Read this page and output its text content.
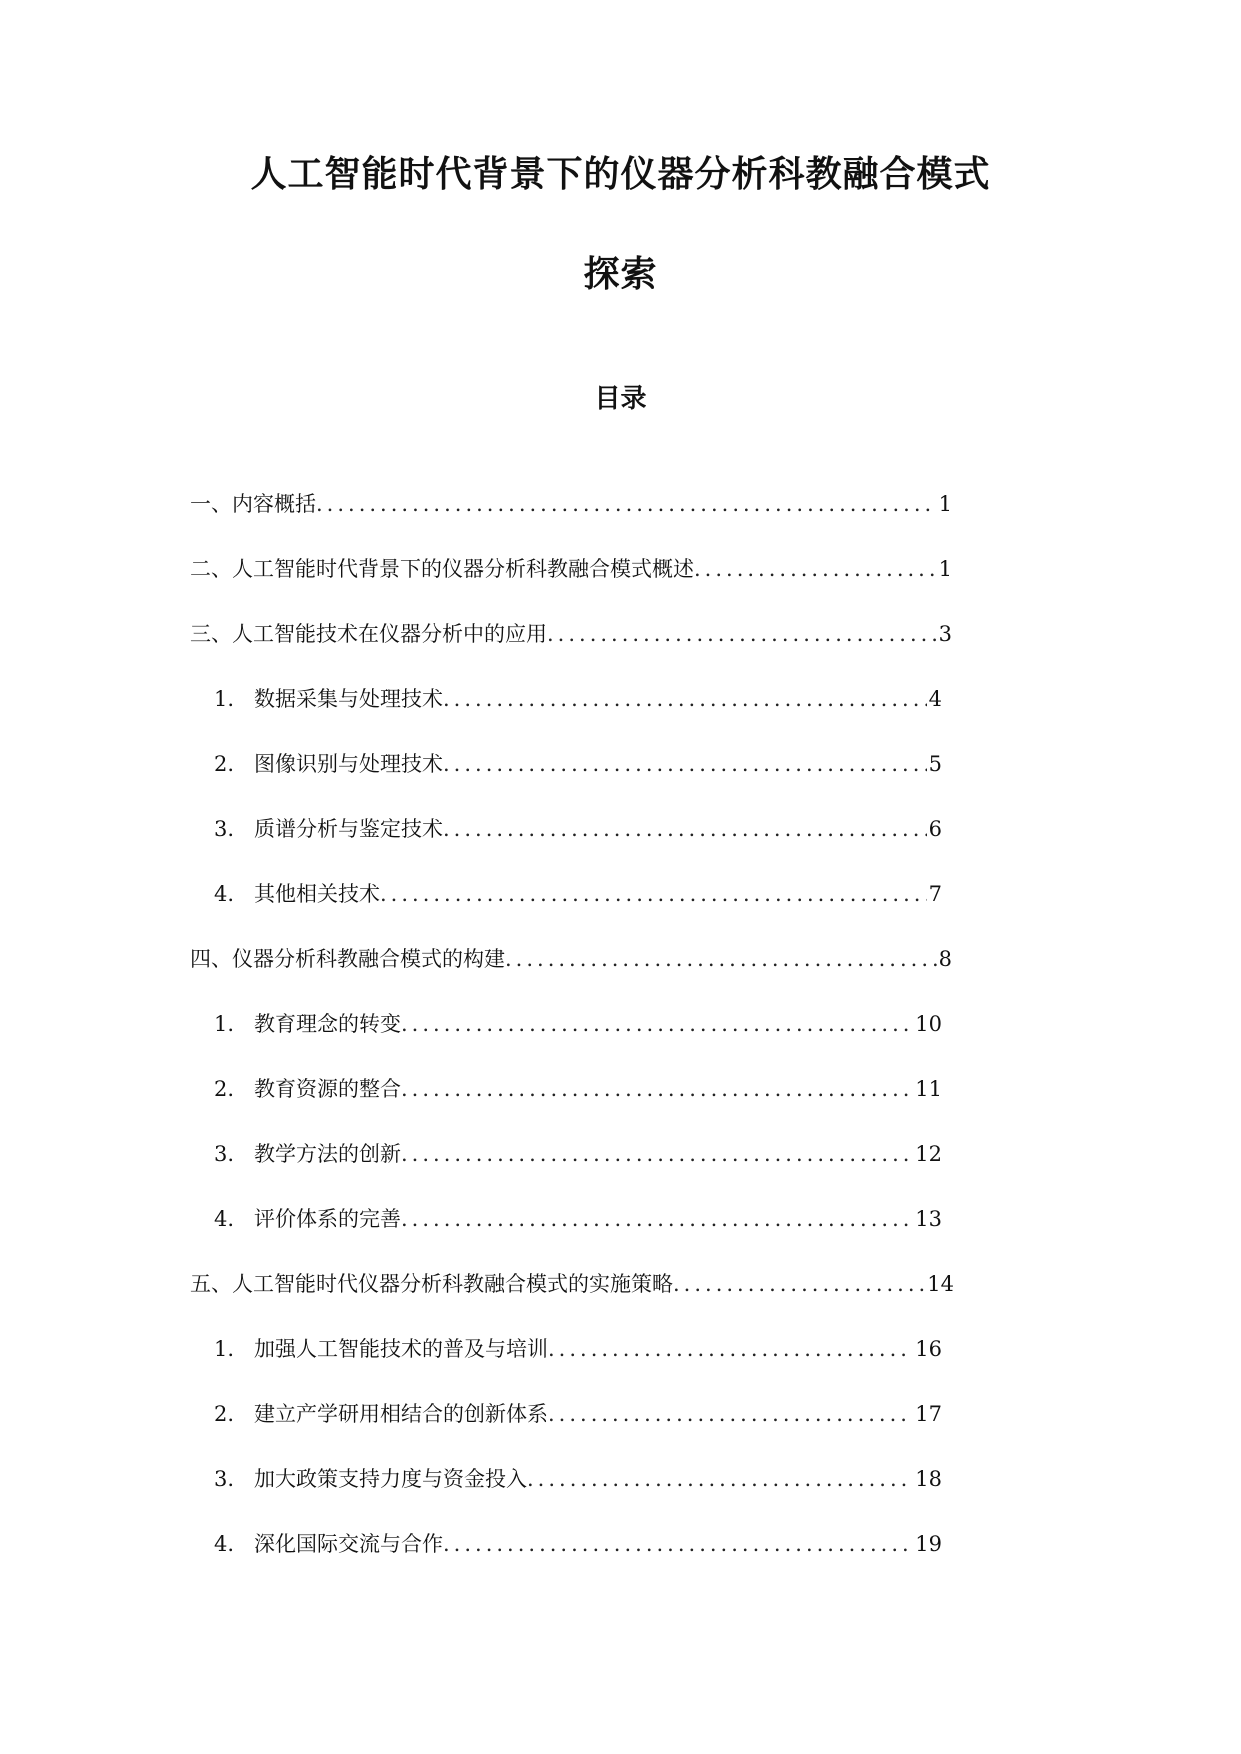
人工智能时代背景下的仪器分析科教融合模式
探索
目录
一、内容概括 .....	1
二、人工智能时代背景下的仪器分析科教融合模式概述 .....	1
三、人工智能技术在仪器分析中的应用 .....	3
1. 数据采集与处理技术 .....	4
2. 图像识别与处理技术 .....	5
3. 质谱分析与鉴定技术 .....	6
4. 其他相关技术 .....	7
四、仪器分析科教融合模式的构建 .....	8
1. 教育理念的转变 .....	10
2. 教育资源的整合 .....	11
3. 教学方法的创新 .....	12
4. 评价体系的完善 .....	13
五、人工智能时代仪器分析科教融合模式的实施策略 .....	14
1. 加强人工智能技术的普及与培训 .....	16
2. 建立产学研用相结合的创新体系 .....	17
3. 加大政策支持力度与资金投入 .....	18
4. 深化国际交流与合作 .....	19
